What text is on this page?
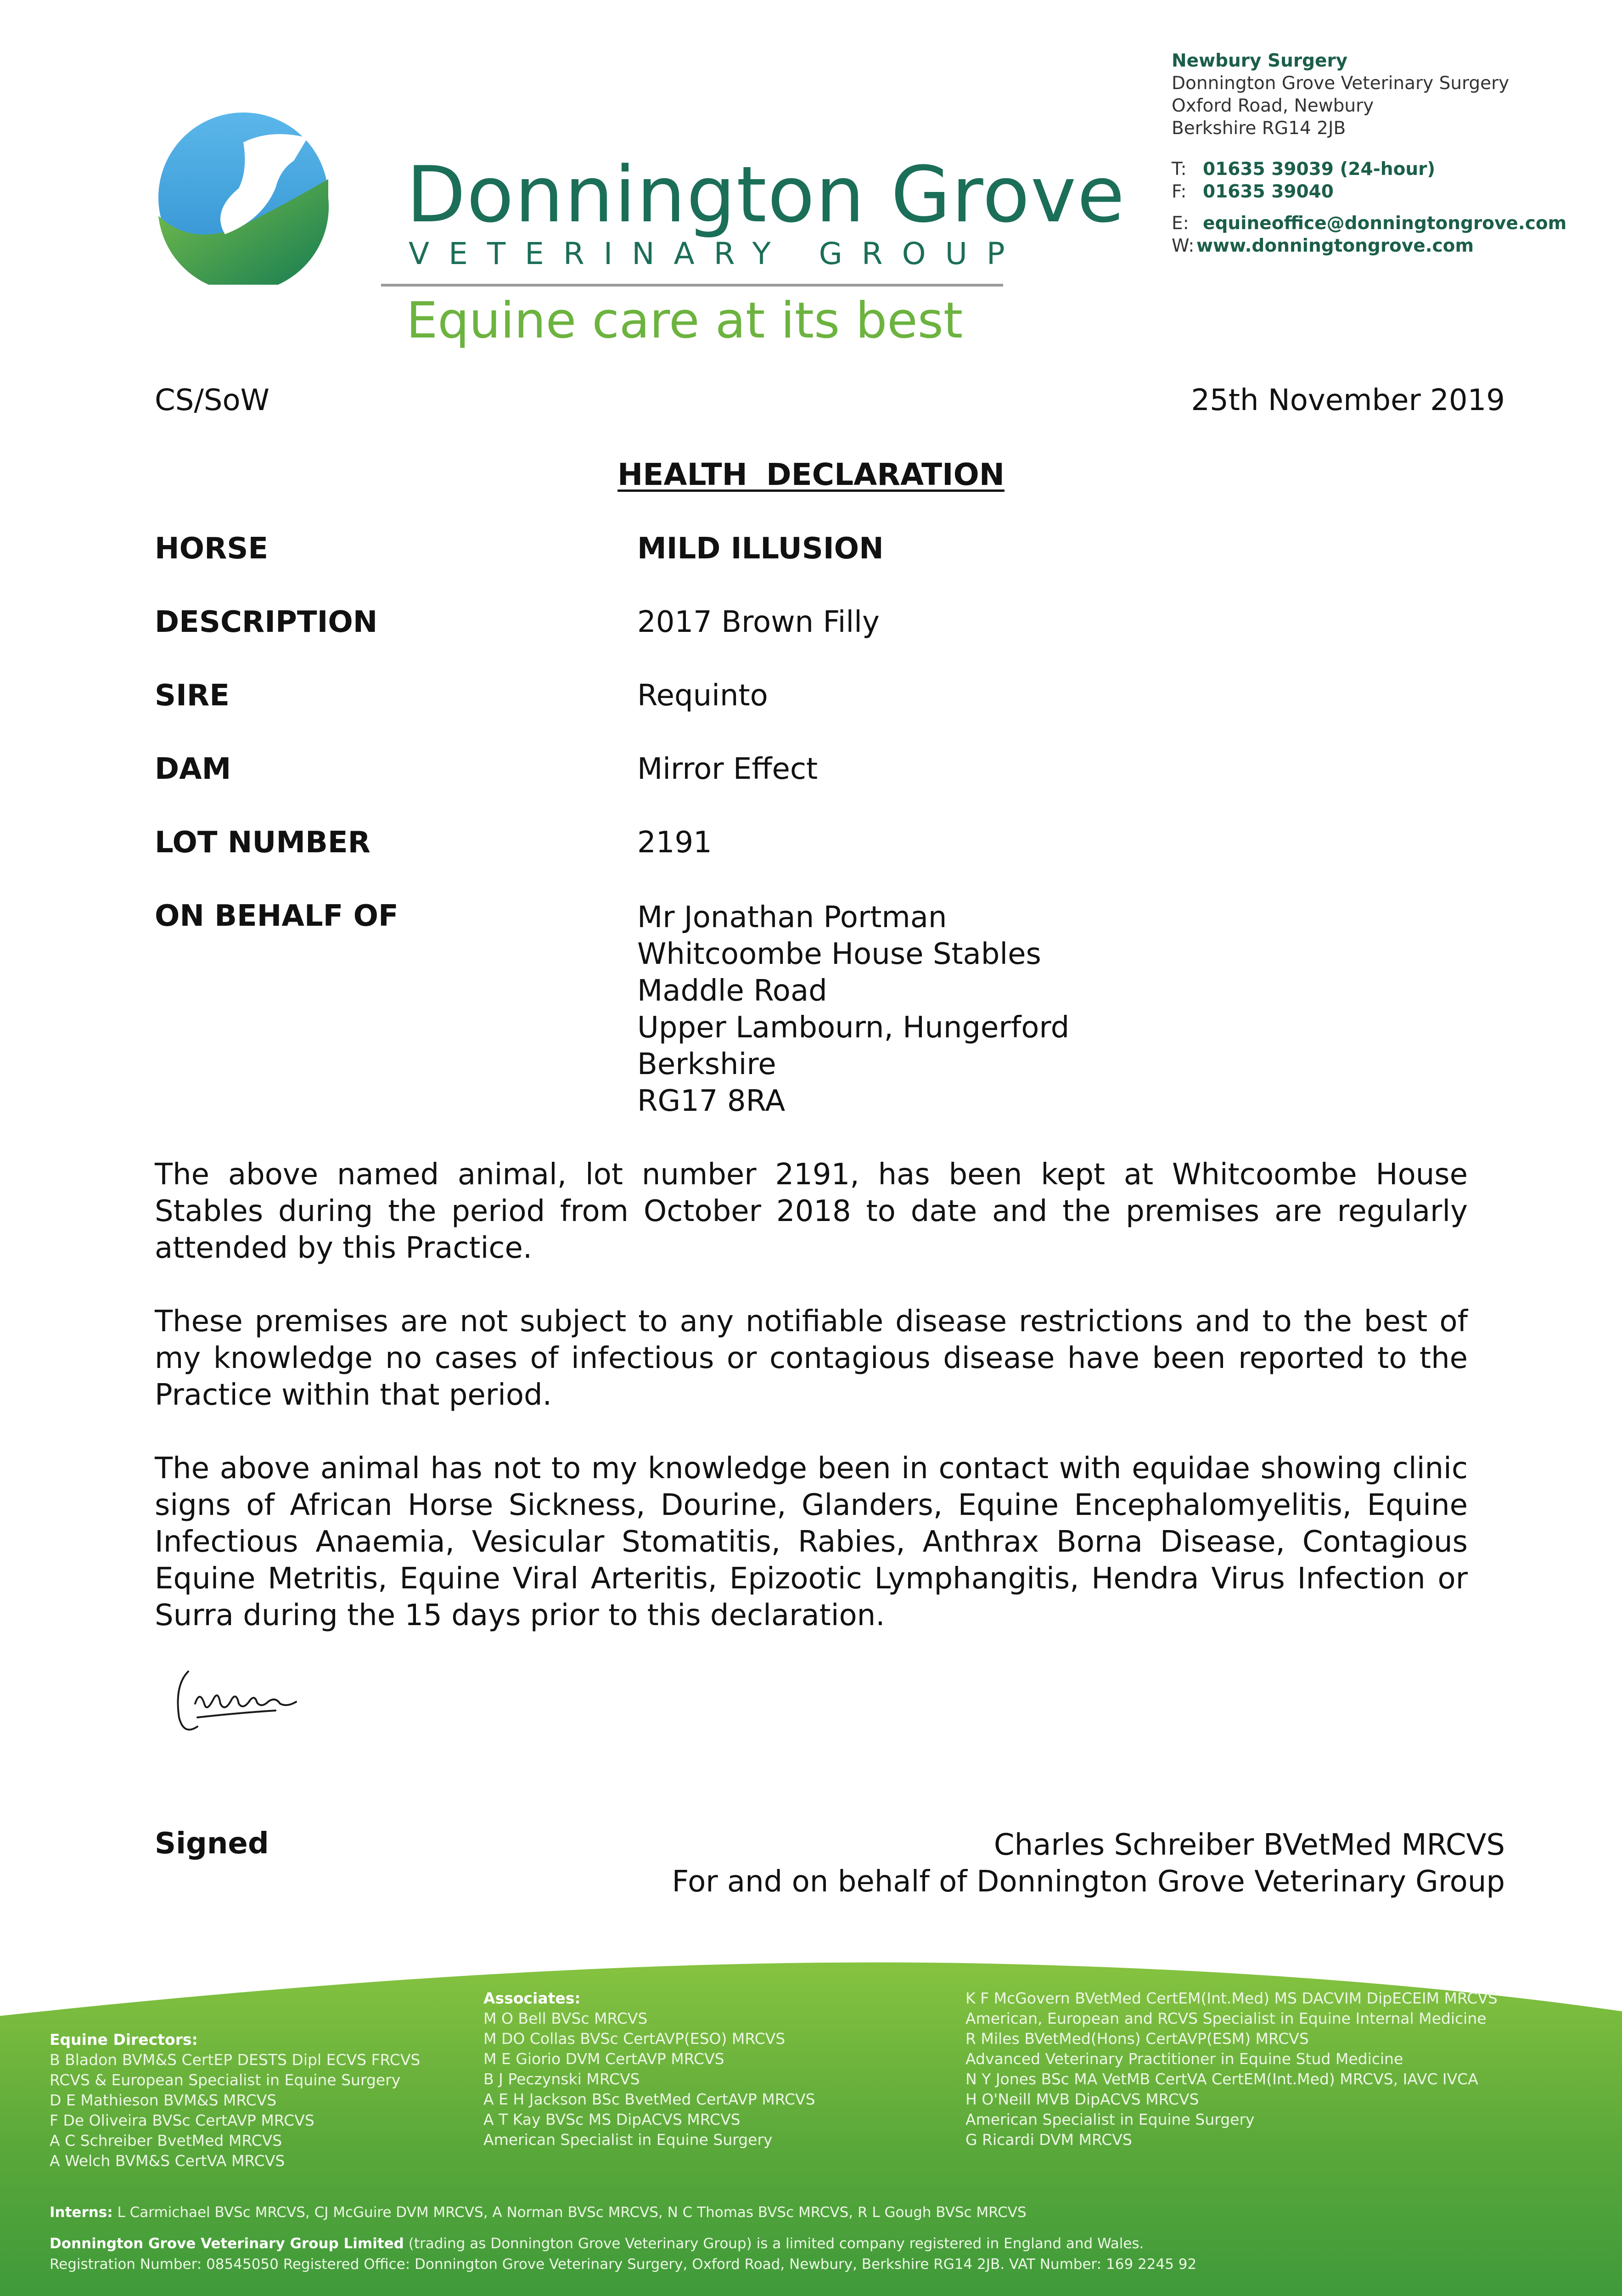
Donnington Grove
VETERINARY GROUP
Equine care at its best
Newbury Surgery
Donnington Grove Veterinary Surgery
Oxford Road, Newbury
Berkshire RG14 2JB
T: 01635 39039 (24-hour)
F: 01635 39040
E: equineoffice@donningtongrove.com
W: www.donningtongrove.com
CS/SoW	25th November 2019
HEALTH DECLARATION
HORSE	MILD ILLUSION
DESCRIPTION	2017 Brown Filly
SIRE	Requinto
DAM	Mirror Effect
LOT NUMBER	2191
ON BEHALF OF	Mr Jonathan Portman
Whitcoombe House Stables
Maddle Road
Upper Lambourn, Hungerford
Berkshire
RG17 8RA
The above named animal, lot number 2191, has been kept at Whitcoombe House Stables during the period from October 2018 to date and the premises are regularly attended by this Practice.
These premises are not subject to any notifiable disease restrictions and to the best of my knowledge no cases of infectious or contagious disease have been reported to the Practice within that period.
The above animal has not to my knowledge been in contact with equidae showing clinic signs of African Horse Sickness, Dourine, Glanders, Equine Encephalomyelitis, Equine Infectious Anaemia, Vesicular Stomatitis, Rabies, Anthrax Borna Disease, Contagious Equine Metritis, Equine Viral Arteritis, Epizootic Lymphangitis, Hendra Virus Infection or Surra during the 15 days prior to this declaration.
Signed	Charles Schreiber BVetMed MRCVS
For and on behalf of Donnington Grove Veterinary Group
Equine Directors:
B Bladon BVM&S CertEP DESTS Dipl ECVS FRCVS
RCVS & European Specialist in Equine Surgery
D E Mathieson BVM&S MRCVS
F De Oliveira BVSc CertAVP MRCVS
A C Schreiber BvetMed MRCVS
A Welch BVM&S CertVA MRCVS
Associates:
M O Bell BVSc MRCVS
M DO Collas BVSc CertAVP(ESO) MRCVS
M E Giorio DVM CertAVP MRCVS
B J Peczynski MRCVS
A E H Jackson BSc BvetMed CertAVP MRCVS
A T Kay BVSc MS DipACVS MRCVS
American Specialist in Equine Surgery
K F McGovern BVetMed CertEM(Int.Med) MS DACVIM DipECEIM MRCVS
American, European and RCVS Specialist in Equine Internal Medicine
R Miles BVetMed(Hons) CertAVP(ESM) MRCVS
Advanced Veterinary Practitioner in Equine Stud Medicine
N Y Jones BSc MA VetMB CertVA CertEM(Int.Med) MRCVS, IAVC IVCA
H O'Neill MVB DipACVS MRCVS
American Specialist in Equine Surgery
G Ricardi DVM MRCVS
Interns: L Carmichael BVSc MRCVS, CJ McGuire DVM MRCVS, A Norman BVSc MRCVS, N C Thomas BVSc MRCVS, R L Gough BVSc MRCVS
Donnington Grove Veterinary Group Limited (trading as Donnington Grove Veterinary Group) is a limited company registered in England and Wales.
Registration Number: 08545050 Registered Office: Donnington Grove Veterinary Surgery, Oxford Road, Newbury, Berkshire RG14 2JB. VAT Number: 169 2245 92
